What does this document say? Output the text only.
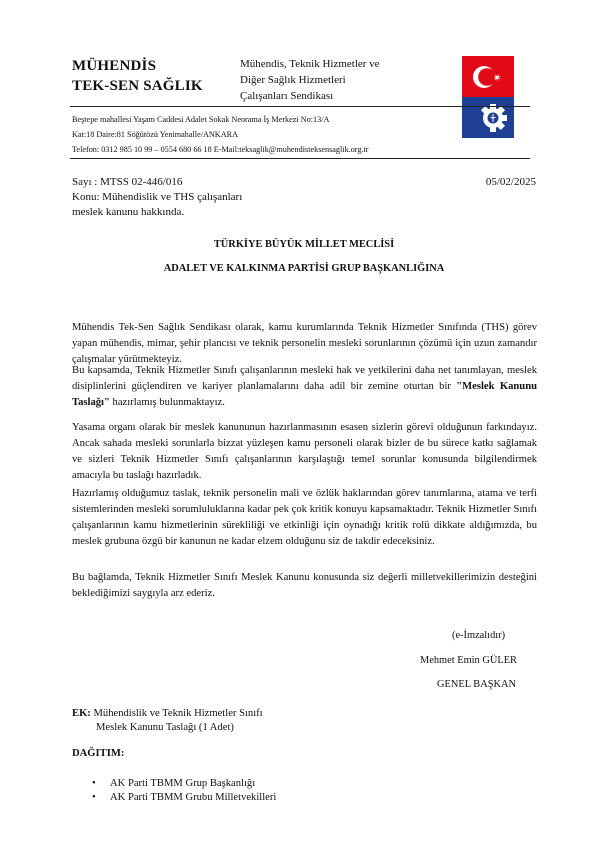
MÜHENDİS
TEK-SEN SAĞLIK
Mühendis, Teknik Hizmetler ve
Diğer Sağlık Hizmetleri
Çalışanları Sendikası
Beştepe mahallesi Yaşam Caddesi Adalet Sokak Neorama İş Merkezi No:13/A
Kat:18 Daire:81 Söğütözü Yenimahalle/ANKARA
Telefon: 0312 985 10 99 – 0554 680 66 18 E-Mail:teksaglik@muhendisteksensaglik.org.tr
Sayı : MTSS 02-446/016	05/02/2025
Konu: Mühendislik ve THS çalışanları
meslek kanunu hakkında.
TÜRKİYE BÜYÜK MİLLET MECLİSİ
ADALET VE KALKINMA PARTİSİ GRUP BAŞKANLIĞINA
Mühendis Tek-Sen Sağlık Sendikası olarak, kamu kurumlarında Teknik Hizmetler Sınıfında (THS) görev yapan mühendis, mimar, şehir plancısı ve teknik personelin mesleki sorunlarının çözümü için uzun zamandır çalışmalar yürütmekteyiz.
Bu kapsamda, Teknik Hizmetler Sınıfı çalışanlarının mesleki hak ve yetkilerini daha net tanımlayan, meslek disiplinlerini güçlendiren ve kariyer planlamalarını daha adil bir zemine oturtan bir "Meslek Kanunu Taslağı" hazırlamış bulunmaktayız.
Yasama organı olarak bir meslek kanununun hazırlanmasının esasen sizlerin görevi olduğunun farkındayız. Ancak sahada mesleki sorunlarla bizzat yüzleşen kamu personeli olarak bizler de bu sürece katkı sağlamak ve sizleri Teknik Hizmetler Sınıfı çalışanlarının karşılaştığı temel sorunlar konusunda bilgilendirmek amacıyla bu taslağı hazırladık.
Hazırlamış olduğumuz taslak, teknik personelin mali ve özlük haklarından görev tanımlarına, atama ve terfi sistemlerinden mesleki sorumluluklarına kadar pek çok kritik konuyu kapsamaktadır. Teknik Hizmetler Sınıfı çalışanlarının kamu hizmetlerinin sürekliliği ve etkinliği için oynadığı kritik rolü dikkate aldığımızda, bu meslek grubuna özgü bir kanunun ne kadar elzem olduğunu siz de takdir edeceksiniz.
Bu bağlamda, Teknik Hizmetler Sınıfı Meslek Kanunu konusunda siz değerli milletvekillerimizin desteğini beklediğimizi saygıyla arz ederiz.
(e-İmzalıdır)
Mehmet Emin GÜLER
GENEL BAŞKAN
EK: Mühendislik ve Teknik Hizmetler Sınıfı
Meslek Kanunu Taslağı (1 Adet)
DAĞITIM:
• AK Parti TBMM Grup Başkanlığı
• AK Parti TBMM Grubu Milletvekilleri
